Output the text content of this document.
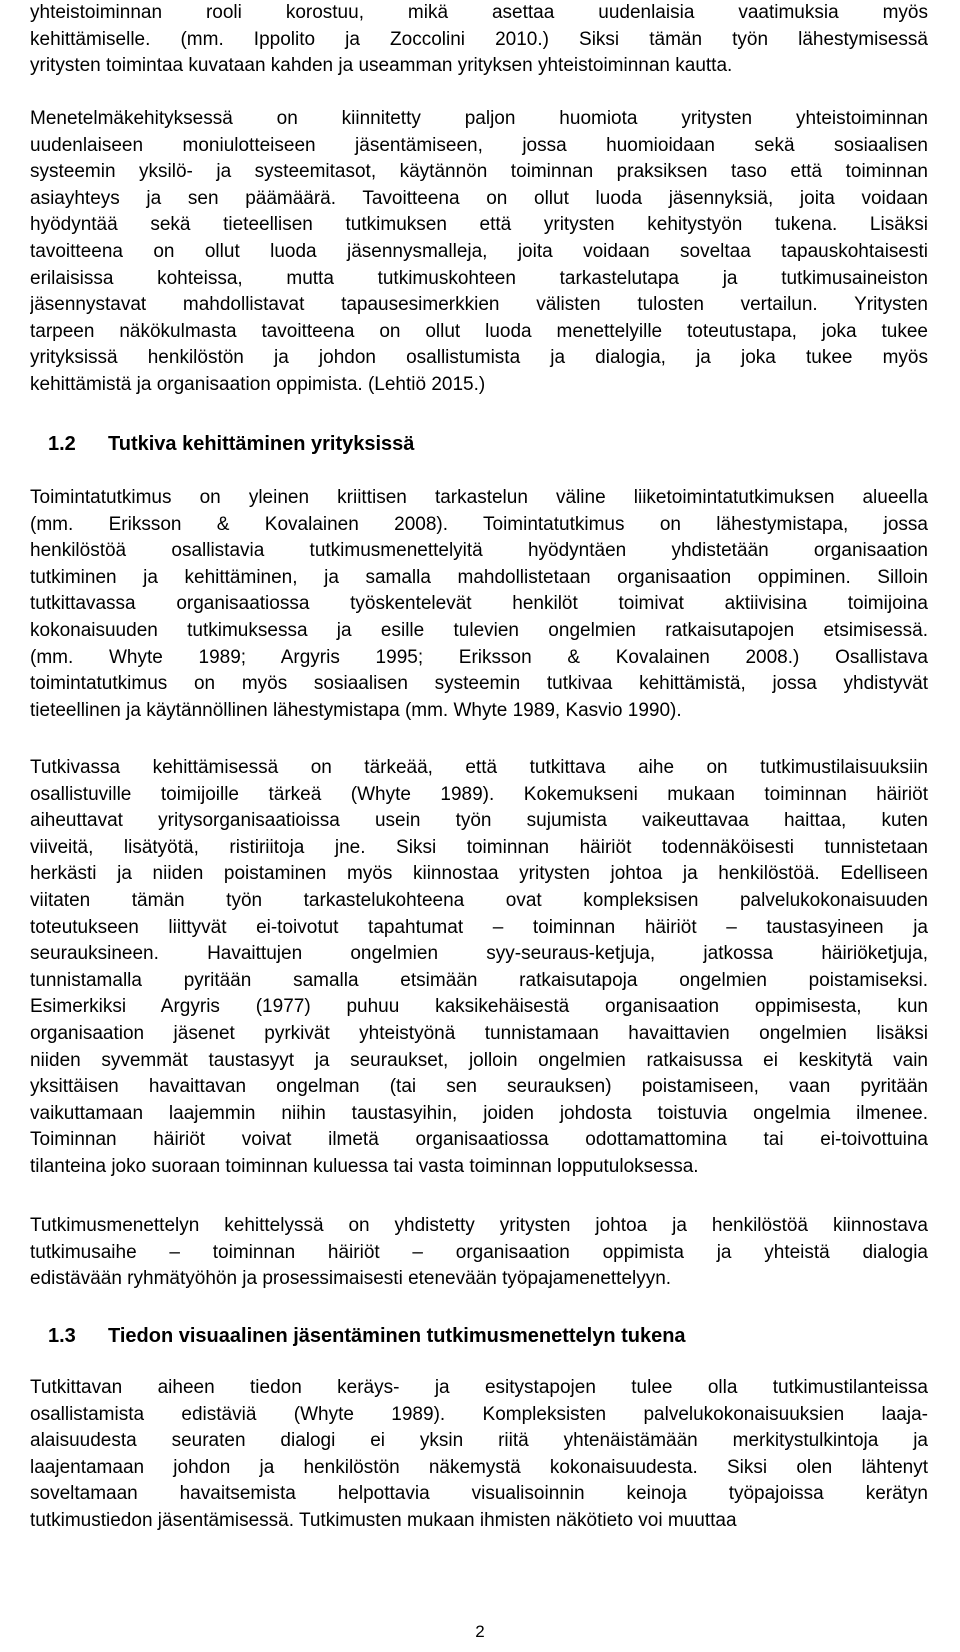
yhteistoiminnan rooli korostuu, mikä asettaa uudenlaisia vaatimuksia myös
kehittämiselle. (mm. Ippolito ja Zoccolini 2010.) Siksi tämän työn lähestymisessä
yritysten toimintaa kuvataan kahden ja useamman yrityksen yhteistoiminnan kautta.
Menetelmäkehityksessä on kiinnitetty paljon huomiota yritysten yhteistoiminnan
uudenlaiseen moniulotteiseen jäsentämiseen, jossa huomioidaan sekä sosiaalisen
systeemin yksilö- ja systeemitasot, käytännön toiminnan praksiksen taso että toiminnan
asiayhteys ja sen päämäärä. Tavoitteena on ollut luoda jäsennyksiä, joita voidaan
hyödyntää sekä tieteellisen tutkimuksen että yritysten kehitystyön tukena. Lisäksi
tavoitteena on ollut luoda jäsennysmalleja, joita voidaan soveltaa tapauskohtaisesti
erilaisissa kohteissa, mutta tutkimuskohteen tarkastelutapa ja tutkimusaineiston
jäsennystavat mahdollistavat tapausesimerkkien välisten tulosten vertailun. Yritysten
tarpeen näkökulmasta tavoitteena on ollut luoda menettelyille toteutustapa, joka tukee
yrityksissä henkilöstön ja johdon osallistumista ja dialogia, ja joka tukee myös
kehittämistä ja organisaation oppimista. (Lehtiö 2015.)
1.2 Tutkiva kehittäminen yrityksissä
Toimintatutkimus on yleinen kriittisen tarkastelun väline liiketoimintatutkimuksen alueella
(mm. Eriksson & Kovalainen 2008). Toimintatutkimus on lähestymistapa, jossa
henkilöstöä osallistavia tutkimusmenettelyitä hyödyntäen yhdistetään organisaation
tutkiminen ja kehittäminen, ja samalla mahdollistetaan organisaation oppiminen. Silloin
tutkittavassa organisaatiossa työskentelevät henkilöt toimivat aktiivisina toimijoina
kokonaisuuden tutkimuksessa ja esille tulevien ongelmien ratkaisutapojen etsimisessä.
(mm. Whyte 1989; Argyris 1995; Eriksson & Kovalainen 2008.) Osallistava
toimintatutkimus on myös sosiaalisen systeemin tutkivaa kehittämistä, jossa yhdistyvät
tieteellinen ja käytännöllinen lähestymistapa (mm. Whyte 1989, Kasvio 1990).
Tutkivassa kehittämisessä on tärkeää, että tutkittava aihe on tutkimustilaisuuksiin
osallistuville toimijoille tärkeä (Whyte 1989). Kokemukseni mukaan toiminnan häiriöt
aiheuttavat yritysorganisaatioissa usein työn sujumista vaikeuttavaa haittaa, kuten
viiveitä, lisätyötä, ristiriitoja jne. Siksi toiminnan häiriöt todennäköisesti tunnistetaan
herkästi ja niiden poistaminen myös kiinnostaa yritysten johtoa ja henkilöstöä. Edelliseen
viitaten tämän työn tarkastelukohteena ovat kompleksisen palvelukokonaisuuden
toteutukseen liittyvät ei-toivotut tapahtumat – toiminnan häiriöt – taustasyineen ja
seurauksineen. Havaittujen ongelmien syy-seuraus-ketjuja, jatkossa häiriöketjuja,
tunnistamalla pyritään samalla etsimään ratkaisutapoja ongelmien poistamiseksi.
Esimerkiksi Argyris (1977) puhuu kaksikehäisestä organisaation oppimisesta, kun
organisaation jäsenet pyrkivät yhteistyönä tunnistamaan havaittavien ongelmien lisäksi
niiden syvemmät taustasyyt ja seuraukset, jolloin ongelmien ratkaisussa ei keskitytä vain
yksittäisen havaittavan ongelman (tai sen seurauksen) poistamiseen, vaan pyritään
vaikuttamaan laajemmin niihin taustasyihin, joiden johdosta toistuvia ongelmia ilmenee.
Toiminnan häiriöt voivat ilmetä organisaatiossa odottamattomina tai ei-toivottuina
tilanteina joko suoraan toiminnan kuluessa tai vasta toiminnan lopputuloksessa.
Tutkimusmenettelyn kehittelyssä on yhdistetty yritysten johtoa ja henkilöstöä kiinnostava
tutkimusaihe – toiminnan häiriöt – organisaation oppimista ja yhteistä dialogia
edistävään ryhmätyöhön ja prosessimaisesti etenevään työpajamenettelyyn.
1.3 Tiedon visuaalinen jäsentäminen tutkimusmenettelyn tukena
Tutkittavan aiheen tiedon keräys- ja esitystapojen tulee olla tutkimustilanteissa
osallistamista edistäviä (Whyte 1989). Kompleksisten palvelukokonaisuuksien laaja-
alaisuudesta seuraten dialogi ei yksin riitä yhtenäistämään merkitystulkintoja ja
laajentamaan johdon ja henkilöstön näkemystä kokonaisuudesta. Siksi olen lähtenyt
soveltamaan havaitsemista helpottavia visualisoinnin keinoja työpajoissa kerätyn
tutkimustiedon jäsentämisessä. Tutkimusten mukaan ihmisten näkötieto voi muuttaa
2
